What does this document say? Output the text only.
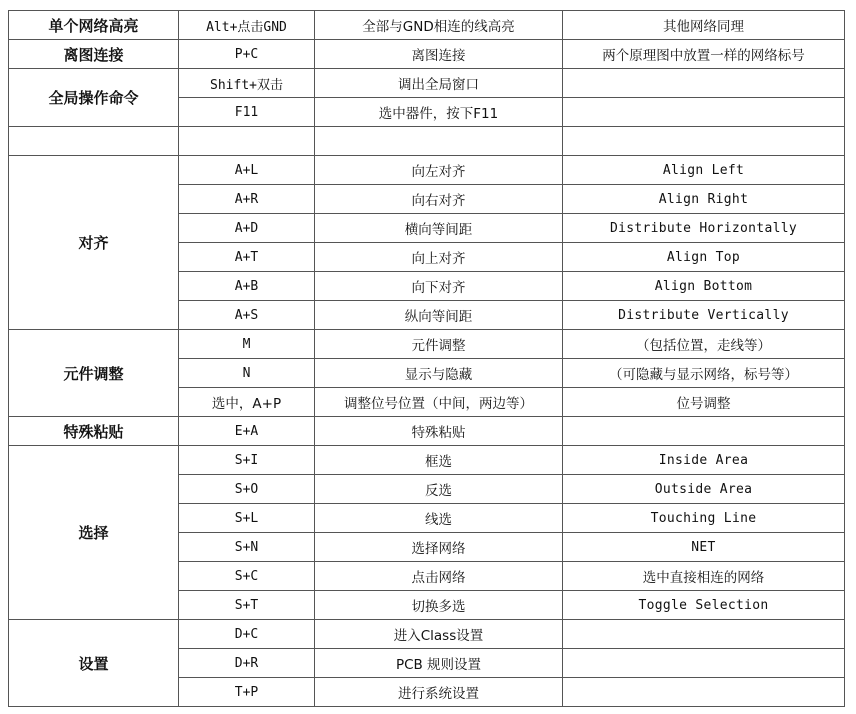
单个网络高亮	Alt+点击GND	全部与GND相连的线高亮	其他网络同理
离图连接	P+C	离图连接	两个原理图中放置一样的网络标号
全局操作命令	Shift+双击	调出全局窗口	
	F11	选中器件，按下F11	

对齐	A+L	向左对齐	Align Left
	A+R	向右对齐	Align Right
	A+D	横向等间距	Distribute Horizontally
	A+T	向上对齐	Align Top
	A+B	向下对齐	Align Bottom
	A+S	纵向等间距	Distribute Vertically
元件调整	M	元件调整	（包括位置，走线等）
	N	显示与隐藏	（可隐藏与显示网络，标号等）
	选中，A+P	调整位号位置（中间，两边等）	位号调整
特殊粘贴	E+A	特殊粘贴	
选择	S+I	框选	Inside Area
	S+O	反选	Outside Area
	S+L	线选	Touching Line
	S+N	选择网络	NET
	S+C	点击网络	选中直接相连的网络
	S+T	切换多选	Toggle Selection
设置	D+C	进入Class设置	
	D+R	PCB 规则设置	
	T+P	进行系统设置	
